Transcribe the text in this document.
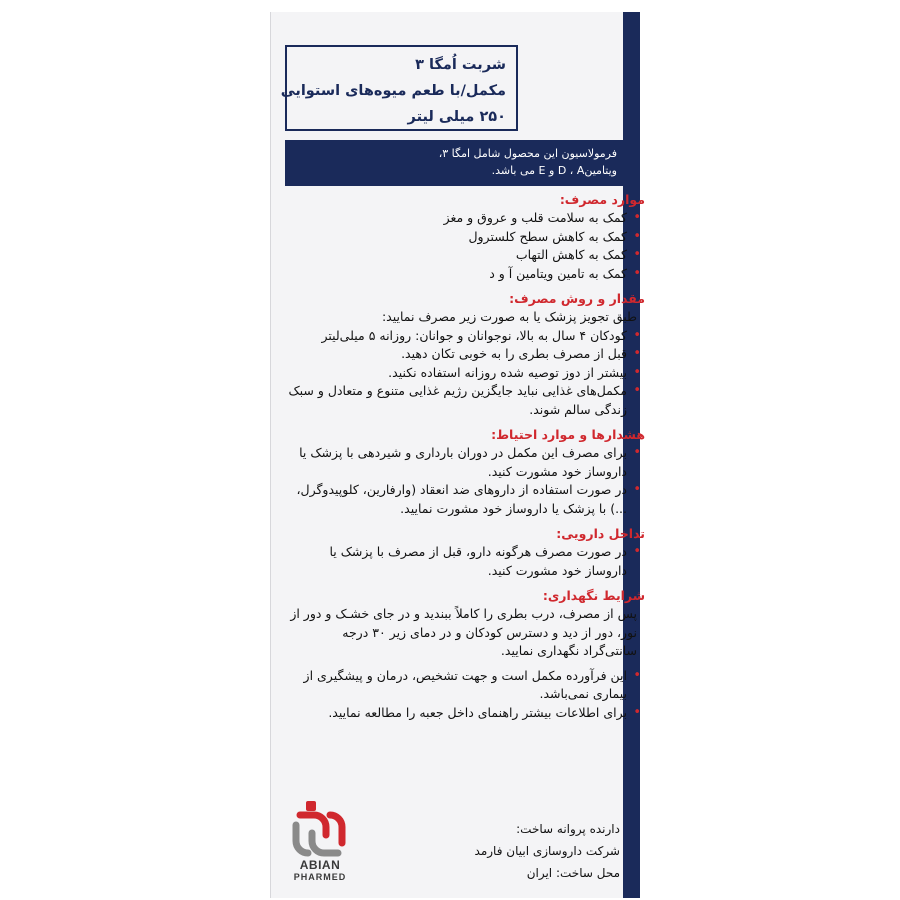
شربت اُمگا ۳
مکمل/با طعم میوه‌های استوایی
۲۵۰ میلی لیتر
فرمولاسیون این محصول شامل امگا ۳،
ویتامینD ، A و E می باشد.
موارد مصرف:
• کمک به سلامت قلب و عروق و مغز
• کمک به کاهش سطح کلسترول
• کمک به کاهش التهاب
• کمک به تامین ویتامین آ و د
مقدار و روش مصرف:
طبق تجویز پزشک یا به صورت زیر مصرف نمایید:
• کودکان ۴ سال به بالا، نوجوانان و جوانان: روزانه ۵ میلی‌لیتر
• قبل از مصرف بطری را به خوبی تکان دهید.
• بیشتر از دوز توصیه شده روزانه استفاده نکنید.
• مکمل‌های غذایی نباید جایگزین رژیم غذایی متنوع و متعادل و سبک زندگی سالم شوند.
هشدارها و موارد احتیاط:
• برای مصرف این مکمل در دوران بارداری و شیردهی با پزشک یا داروساز خود مشورت کنید.
• در صورت استفاده از داروهای ضد انعقاد (وارفارین، کلوپیدوگرل، ...) با پزشک یا داروساز خود مشورت نمایید.
تداخل دارویی:
• در صورت مصرف هرگونه دارو، قبل از مصرف با پزشک یا داروساز خود مشورت کنید.
شرایط نگهداری:
پس از مصرف، درب بطری را کاملاً ببندید و در جای خشـک و دور از نور، دور از دید و دسترس کودکان و در دمای زیر ۳۰ درجه سانتی‌گراد نگهداری نمایید.
• این فرآورده مکمل است و جهت تشخیص، درمان و پیشگیری از بیماری نمی‌باشد.
• برای اطلاعات بیشتر راهنمای داخل جعبه را مطالعه نمایید.
ABIAN
PHARMED
دارنده پروانه ساخت:
شرکت داروسازی ابیان فارمد
محل ساخت: ایران
